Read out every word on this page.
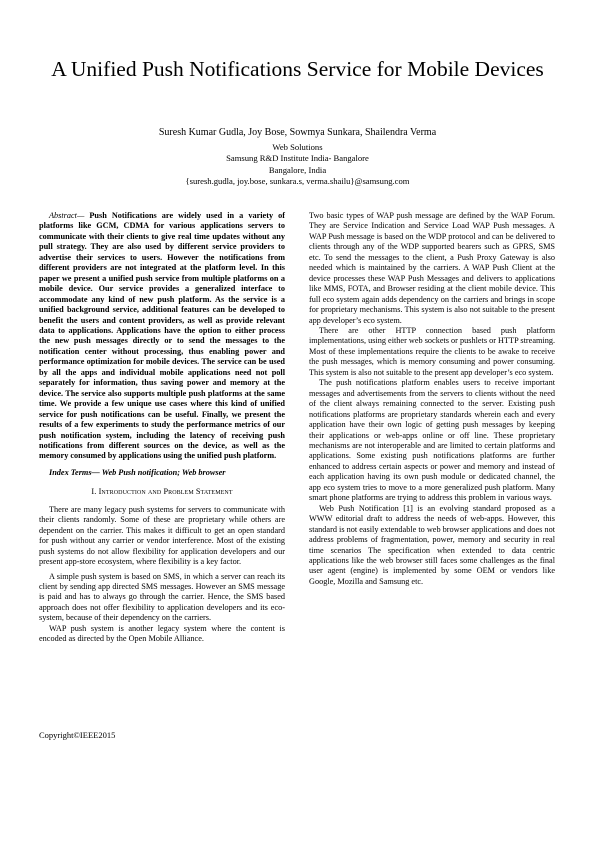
A Unified Push Notifications Service for Mobile Devices

Suresh Kumar Gudla, Joy Bose, Sowmya Sunkara, Shailendra Verma

Web Solutions
Samsung R&D Institute India- Bangalore
Bangalore, India
{suresh.gudla, joy.bose, sunkara.s, verma.shailu}@samsung.com

Abstract— Push Notifications are widely used in a variety of platforms like GCM, CDMA for various applications servers to communicate with their clients to give real time updates without any pull strategy. They are also used by different service providers to advertise their services to users. However the notifications from different providers are not integrated at the platform level. In this paper we present a unified push service from multiple platforms on a mobile device. Our service provides a generalized interface to accommodate any kind of new push platform. As the service is a unified background service, additional features can be developed to benefit the users and content providers, as well as provide relevant data to applications. Applications have the option to either process the new push messages directly or to send the messages to the notification center without processing, thus enabling power and performance optimization for mobile devices. The service can be used by all the apps and individual mobile applications need not poll separately for information, thus saving power and memory at the device. The service also supports multiple push platforms at the same time. We provide a few unique use cases where this kind of unified service for push notifications can be useful. Finally, we present the results of a few experiments to study the performance metrics of our push notification system, including the latency of receiving push notifications from different sources on the device, as well as the memory consumed by applications using the unified push platform.

Index Terms— Web Push notification; Web browser

I. Introduction and Problem Statement

There are many legacy push systems for servers to communicate with their clients randomly. Some of these are proprietary while others are dependent on the carrier. This makes it difficult to get an open standard for push without any carrier or vendor interference. Most of the existing push systems do not allow flexibility for application developers and our present app-store ecosystem, where flexibility is a key factor.

A simple push system is based on SMS, in which a server can reach its client by sending app directed SMS messages. However an SMS message is paid and has to always go through the carrier. Hence, the SMS based approach does not offer flexibility to application developers and its eco-system, because of their dependency on the carriers.

WAP push system is another legacy system where the content is encoded as directed by the Open Mobile Alliance.

Two basic types of WAP push message are defined by the WAP Forum. They are Service Indication and Service Load WAP Push messages. A WAP Push message is based on the WDP protocol and can be delivered to clients through any of the WDP supported bearers such as GPRS, SMS etc. To send the messages to the client, a Push Proxy Gateway is also needed which is maintained by the carriers. A WAP Push Client at the device processes these WAP Push Messages and delivers to applications like MMS, FOTA, and Browser residing at the client mobile device. This full eco system again adds dependency on the carriers and brings in scope for proprietary mechanisms. This system is also not suitable to the present app developer’s eco system.

There are other HTTP connection based push platform implementations, using either web sockets or pushlets or HTTP streaming. Most of these implementations require the clients to be awake to receive the push messages, which is memory consuming and power consuming. This system is also not suitable to the present app developer’s eco system.

The push notifications platform enables users to receive important messages and advertisements from the servers to clients without the need of the client always remaining connected to the server. Existing push notifications platforms are proprietary standards wherein each and every application have their own logic of getting push messages by keeping their applications or web-apps online or off line. These proprietary mechanisms are not interoperable and are limited to certain platforms and applications. Some existing push notifications platforms are further enhanced to address certain aspects or power and memory and instead of each application having its own push module or dedicated channel, the app eco system tries to move to a more generalized push platform. Many smart phone platforms are trying to address this problem in various ways.

Web Push Notification [1] is an evolving standard proposed as a WWW editorial draft to address the needs of web-apps. However, this standard is not easily extendable to web browser applications and does not address problems of fragmentation, power, memory and security in real time scenarios The specification when extended to data centric applications like the web browser still faces some challenges as the final user agent (engine) is implemented by some OEM or vendors like Google, Mozilla and Samsung etc.

Copyright©IEEE2015
